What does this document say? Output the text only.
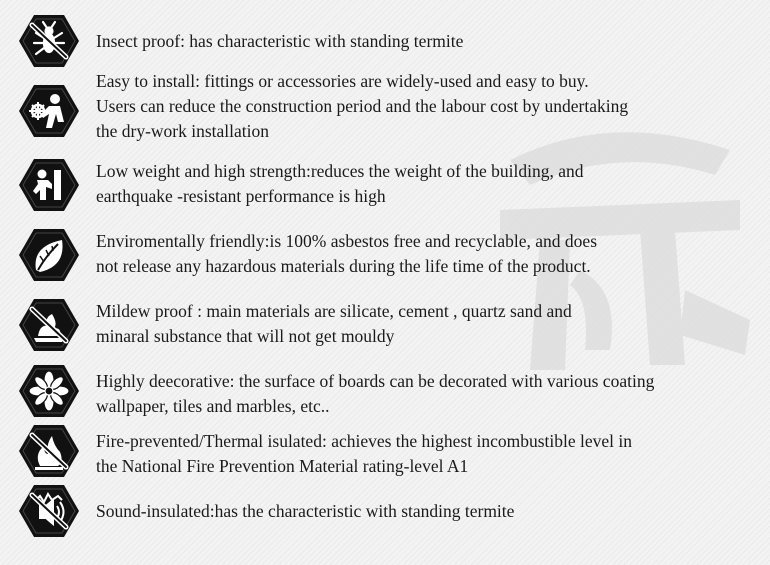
Insect proof: has characteristic with standing termite
Easy to install: fittings or accessories are widely-used and easy to buy.
Users can reduce the construction period and the labour cost by undertaking
the dry-work installation
Low weight and high strength:reduces the weight of the building, and
earthquake -resistant performance is high
Enviromentally friendly:is 100% asbestos free and recyclable, and does
not release any hazardous materials during the life time of the product.
Mildew proof : main materials are silicate, cement , quartz sand and
minaral substance that will not get mouldy
Highly deecorative: the surface of boards can be decorated with various coating
wallpaper, tiles and marbles, etc..
Fire-prevented/Thermal isulated: achieves the highest incombustible level in
the National Fire Prevention Material rating-level A1
Sound-insulated:has the characteristic with standing termite
